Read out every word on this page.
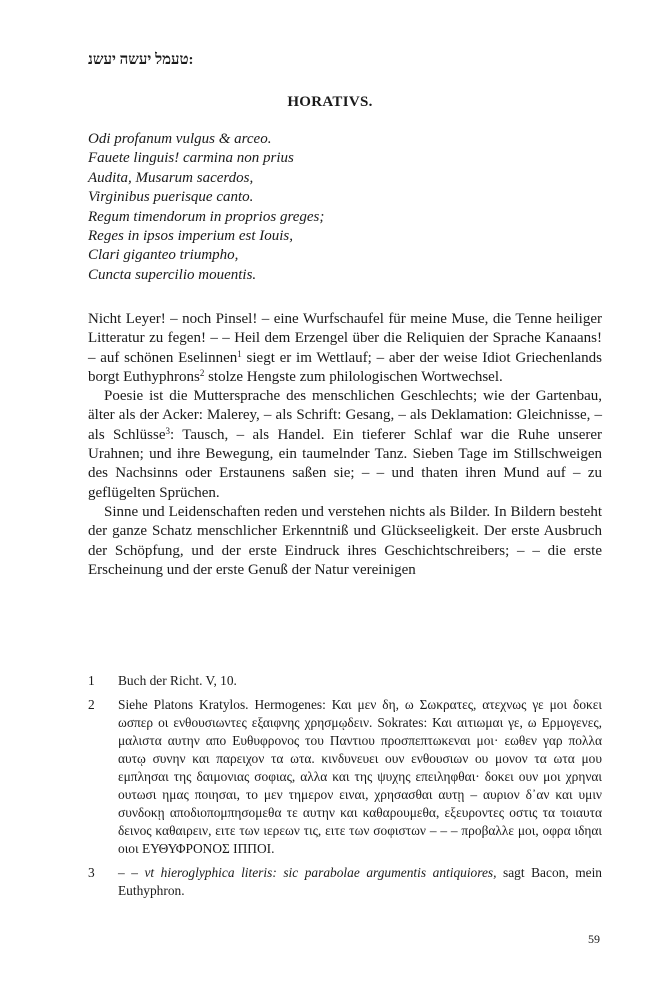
:טעמל יעשה יעשנ
HORATIVS.
Odi profanum vulgus & arceo.
Fauete linguis! carmina non prius
Audita, Musarum sacerdos,
Virginibus puerisque canto.
Regum timendorum in proprios greges;
Reges in ipsos imperium est Iouis,
Clari giganteo triumpho,
Cuncta supercilio mouentis.

Nicht Leyer! – noch Pinsel! – eine Wurfschaufel für meine Muse, die Tenne heiliger Litteratur zu fegen! – – Heil dem Erzengel über die Reliquien der Sprache Kanaans! – auf schönen Eselinnen$^1$ siegt er im Wettlauf; – aber der weise Idiot Griechenlands borgt Euthyphrons$^2$ stolze Hengste zum philologischen Wortwechsel.

Poesie ist die Muttersprache des menschlichen Geschlechts; wie der Gartenbau, älter als der Acker: Malerey, – als Schrift: Gesang, – als Deklamation: Gleichnisse, – als Schlüsse$^3$: Tausch, – als Handel. Ein tieferer Schlaf war die Ruhe unserer Urahnen; und ihre Bewegung, ein taumelnder Tanz. Sieben Tage im Stillschweigen des Nachsinns oder Erstaunens saßen sie; – – und thaten ihren Mund auf – zu geflügelten Sprüchen.

Sinne und Leidenschaften reden und verstehen nichts als Bilder. In Bildern besteht der ganze Schatz menschlicher Erkenntniß und Glückseeligkeit. Der erste Ausbruch der Schöpfung, und der erste Eindruck ihres Geschichtschreibers; – – die erste Erscheinung und der erste Genuß der Natur vereinigen

1	Buch der Richt. V, 10.
2	Siehe Platons Kratylos. Hermogenes: Και μεν δη, ω Σωκρατες, ατεχνως γε μοι δοκει ωσπερ οι ενθουσιωντες εξαιφνης χρησμῳδειν. Sokrates: Και αιτιωμαι γε, ω Ερμογενες, μαλιστα αυτην απο Ευθυφρονος του Παντιου προσπεπτωκεναι μοι· εωθεν γαρ πολλα αυτῳ συνην και παρειχον τα ωτα. κινδυνευει ουν ενθουσιων ου μονον τα ωτα μου εμπλησαι της δαιμονιας σοφιας, αλλα και της ψυχης επειληφθαι· δοκει ουν μοι χρηναι ουτωσι ημας ποιησαι, το μεν τημερον ειναι, χρησασθαι αυτῃ – αυριον δ᾽αν και υμιν συνδοκῃ αποδιοπομπησομεθα τε αυτην και καθαρουμεθα, εξευροντες οστις τα τοιαυτα δεινος καθαιρειν, ειτε των ιερεων τις, ειτε των σοφιστων – – – προβαλλε μοι, οφρα ιδηαι οιοι ΕΥΘΥΦΡΟΝΟΣ ΙΠΠΟΙ.
3	– – vt hieroglyphica literis: sic parabolae argumentis antiquiores, sagt Bacon, mein Euthyphron.
59
